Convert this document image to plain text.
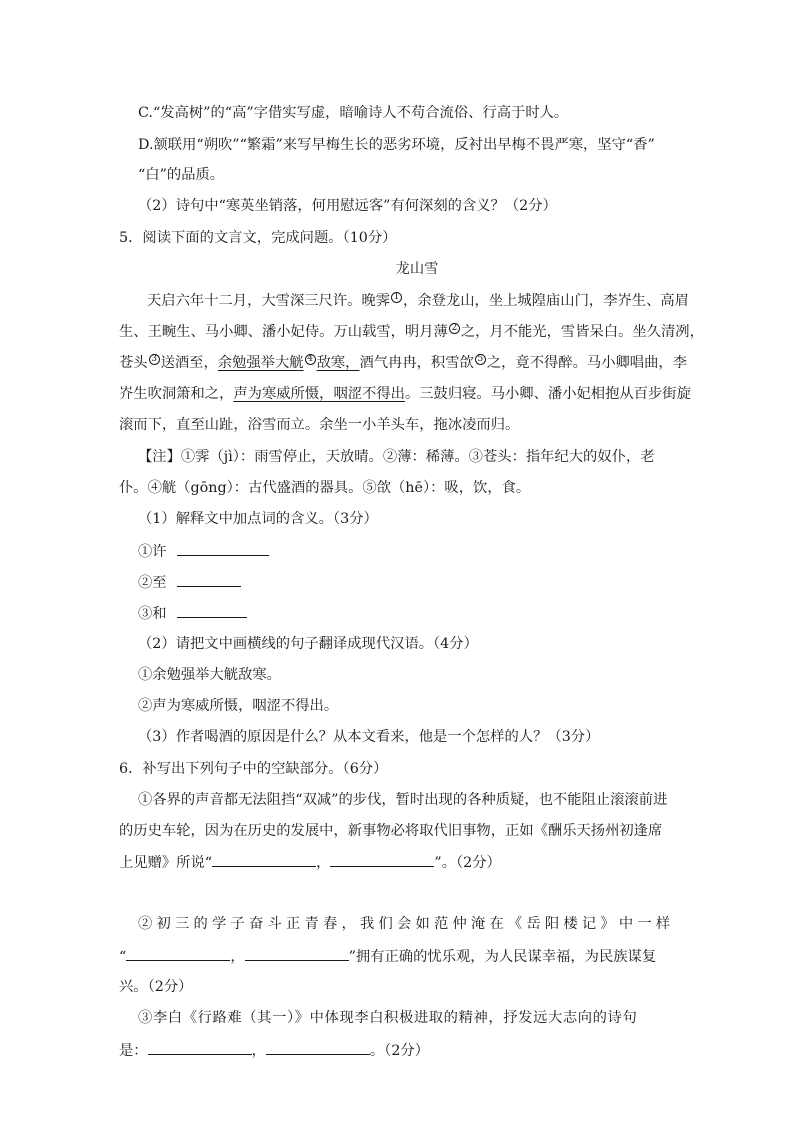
C.“发高树”的“高”字借实写虚，暗喻诗人不苟合流俗、行高于时人。
D.颔联用“朔吹”“繁霜”来写早梅生长的恶劣环境，反衬出早梅不畏严寒，坚守“香”
“白”的品质。
（2）诗句中“寒英坐销落，何用慰远客”有何深刻的含义？（2分）
5．阅读下面的文言文，完成问题。（10分）
龙山雪
天启六年十二月，大雪深三尺许。晚霁 $^1$ ，余登龙山，坐上城隍庙山门，李岕生、高眉
生、王畹生、马小卿、潘小妃侍。万山载雪，明月薄 $^2$ 之，月不能光，雪皆呆白。坐久清冽，
苍头 $^3$ 送酒至，余勉强举大觥 $^4$ 敌寒，酒气冉冉，积雪欱 $^5$ 之，竟不得醉。马小卿唱曲，李
岕生吹洞箫和之，声为寒威所慑，咽涩不得出。三鼓归寝。马小卿、潘小妃相抱从百步街旋
滚而下，直至山趾，浴雪而立。余坐一小羊头车，拖冰凌而归。
【注】①霁（jì）：雨雪停止，天放晴。②薄：稀薄。③苍头：指年纪大的奴仆，老
仆。④觥（gōng）：古代盛酒的器具。⑤欱（hē）：吸，饮，食。
（1）解释文中加点词的含义。（3分）
①许
②至
③和
（2）请把文中画横线的句子翻译成现代汉语。（4分）
①余勉强举大觥敌寒。
②声为寒威所慑，咽涩不得出。
（3）作者喝酒的原因是什么？从本文看来，他是一个怎样的人？（3分）
6．补写出下列句子中的空缺部分。（6分）
①各界的声音都无法阻挡“双减”的步伐，暂时出现的各种质疑，也不能阻止滚滚前进
的历史车轮，因为在历史的发展中，新事物必将取代旧事物，正如《酬乐天扬州初逢席
上见赠》所说“	，	”。（2分）
②初三的学子奋斗正青春，我们会如范仲淹在《岳阳楼记》中一样
“	，	”拥有正确的忧乐观，为人民谋幸福，为民族谋复
兴。（2分）
③李白《行路难（其一）》中体现李白积极进取的精神，抒发远大志向的诗句
是：	，	。（2分）
